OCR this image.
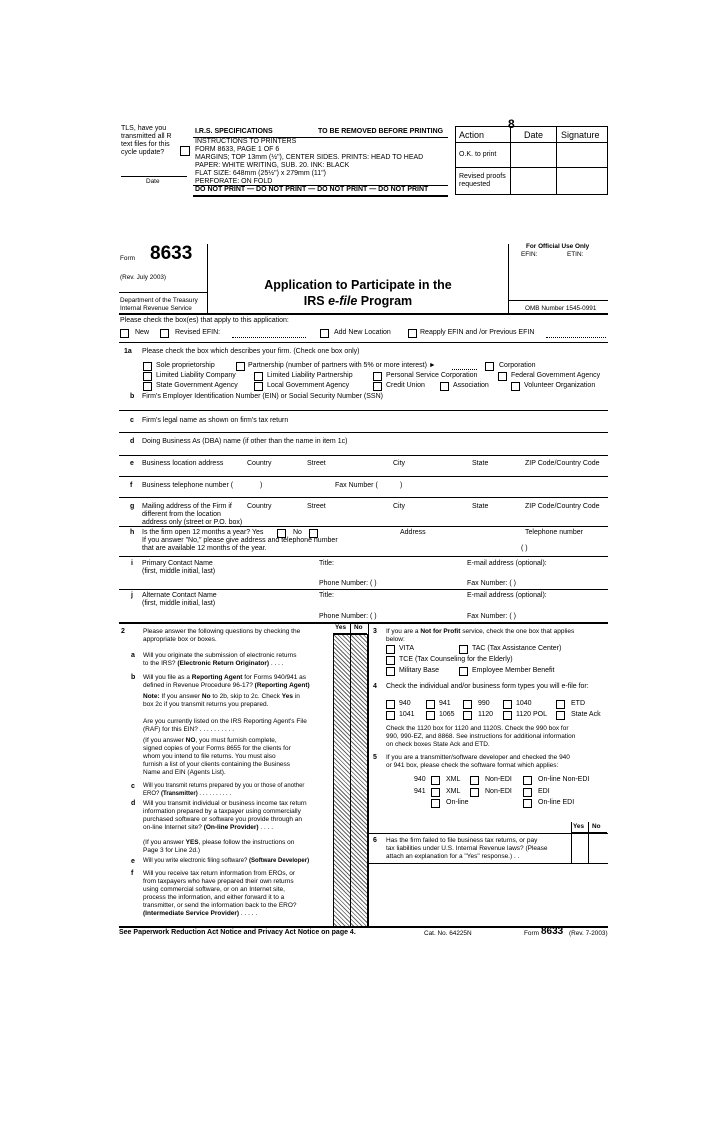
8
TLS, have you
transmitted all R
text files for this
cycle update?
Date
I.R.S. SPECIFICATIONS	TO BE REMOVED BEFORE PRINTING
INSTRUCTIONS TO PRINTERS
FORM 8633, PAGE 1 OF 6
MARGINS; TOP 13mm (½"), CENTER SIDES. PRINTS: HEAD TO HEAD
PAPER: WHITE WRITING, SUB. 20. INK: BLACK
FLAT SIZE: 648mm (25½") x 279mm (11")
PERFORATE: ON FOLD
DO NOT PRINT — DO NOT PRINT — DO NOT PRINT — DO NOT PRINT
Action	Date Signature
O.K. to print
Revised proofs
requested
Form 8633
(Rev. July 2003)
Department of the Treasury
Internal Revenue Service
Application to Participate in the
IRS e-file Program
For Official Use Only
EFIN:	ETIN:
OMB Number 1545-0991
Please check the box(es) that apply to this application:
New	Revised EFIN:	Add New Location	Reapply EFIN and /or Previous EFIN
1a Please check the box which describes your firm. (Check one box only)
Sole proprietorship	Partnership (number of partners with 5% or more interest) ►	Corporation
Limited Liability Company	Limited Liability Partnership	Personal Service Corporation	Federal Government Agency
State Government Agency	Local Government Agency	Credit Union	Association	Volunteer Organization
b Firm's Employer Identification Number (EIN) or Social Security Number (SSN)
c Firm's legal name as shown on firm's tax return
d Doing Business As (DBA) name (if other than the name in item 1c)
e Business location address	Country	Street	City	State	ZIP Code/Country Code
f Business telephone number (	)	Fax Number (	)
g Mailing address of the Firm if
different from the location
address only (street or P.O. box)
Country	Street	City	State	ZIP Code/Country Code
h Is the firm open 12 months a year? Yes	No
If you answer "No," please give address and telephone number
that are available 12 months of the year.
Address	Telephone number
( )
i Primary Contact Name
(first, middle initial, last)
Title:	E-mail address (optional):
Phone Number: ( )	Fax Number: ( )
j Alternate Contact Name
(first, middle initial, last)
Title:	E-mail address (optional):
Phone Number: ( )	Fax Number: ( )
Yes No
2	Please answer the following questions by checking the
appropriate box or boxes.
a Will you originate the submission of electronic returns
to the IRS? (Electronic Return Originator) . . . .
b Will you file as a Reporting Agent for Forms 940/941 as
defined in Revenue Procedure 96-17? (Reporting Agent)
Note: If you answer No to 2b, skip to 2c. Check Yes in
box 2c if you transmit returns you prepared.
Are you currently listed on the IRS Reporting Agent's File
(RAF) for this EIN? . . . . . . . . . .
(If you answer NO, you must furnish complete,
signed copies of your Forms 8655 for the clients for
whom you intend to file returns. You must also
furnish a list of your clients containing the Business
Name and EIN (Agents List).
c Will you transmit returns prepared by you or those of another
ERO? (Transmitter) . . . . . . . . . .
d Will you transmit individual or business income tax return
information prepared by a taxpayer using commercially
purchased software or software you provide through an
on-line Internet site? (On-line Provider) . . . .
(If you answer YES, please follow the instructions on
Page 3 for Line 2d.)
e Will you write electronic filing software? (Software Developer)
f Will you receive tax return information from EROs, or
from taxpayers who have prepared their own returns
using commercial software, or on an Internet site,
process the information, and either forward it to a
transmitter, or send the information back to the ERO?
(Intermediate Service Provider) . . . . .
3 If you are a Not for Profit service, check the one box that applies
below:
VITA	TAC (Tax Assistance Center)
TCE (Tax Counseling for the Elderly)
Military Base	Employee Member Benefit
4 Check the individual and/or business form types you will e-file for:
940	941	990	1040	ETD
1041	1065	1120	1120 POL	State Ack
Check the 1120 box for 1120 and 1120S. Check the 990 box for
990, 990-EZ, and 8868. See instructions for additional information
on check boxes State Ack and ETD.
5 If you are a transmitter/software developer and checked the 940
or 941 box, please check the software format which applies:
940	XML	Non-EDI	On-line Non-EDI
941	XML	Non-EDI	EDI
On-line	On-line EDI
Yes No
6 Has the firm failed to file business tax returns, or pay
tax liabilities under U.S. Internal Revenue laws? (Please
attach an explanation for a "Yes" response.) . .
See Paperwork Reduction Act Notice and Privacy Act Notice on page 4.	Cat. No. 64225N	Form 8633 (Rev. 7-2003)
